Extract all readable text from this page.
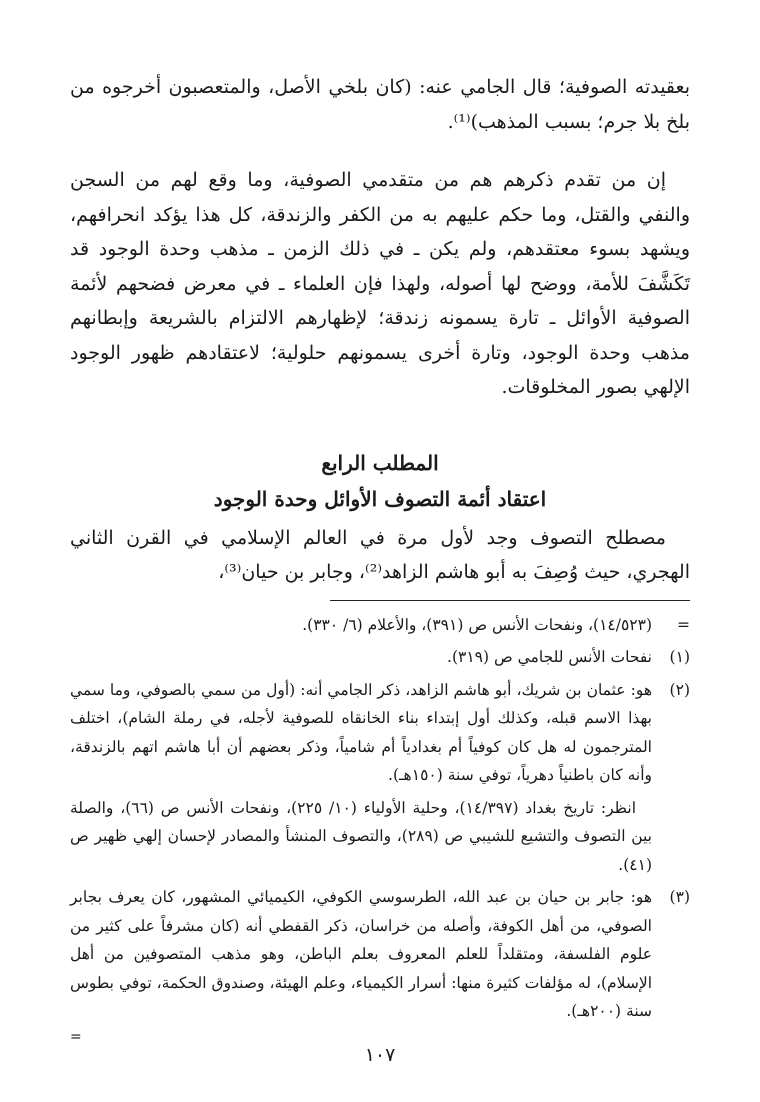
بعقيدته الصوفية؛ قال الجامي عنه: (كان بلخي الأصل، والمتعصبون أخرجوه من بلخ بلا جرم؛ بسبب المذهب)⁽¹⁾.

إن من تقدم ذكرهم هم من متقدمي الصوفية، وما وقع لهم من السجن والنفي والقتل، وما حكم عليهم به من الكفر والزندقة، كل هذا يؤكد انحرافهم، ويشهد بسوء معتقدهم، ولم يكن ـ في ذلك الزمن ـ مذهب وحدة الوجود قد تَكَشَّفَ للأمة، ووضح لها أصوله، ولهذا فإن العلماء ـ في معرض فضحهم لأئمة الصوفية الأوائل ـ تارة يسمونه زندقة؛ لإظهارهم الالتزام بالشريعة وإبطانهم مذهب وحدة الوجود، وتارة أخرى يسمونهم حلولية؛ لاعتقادهم ظهور الوجود الإلهي بصور المخلوقات.

المطلب الرابع
اعتقاد أئمة التصوف الأوائل وحدة الوجود

مصطلح التصوف وجد لأول مرة في العالم الإسلامي في القرن الثاني الهجري، حيث وُصِفَ به أبو هاشم الزاهد⁽²⁾، وجابر بن حيان⁽³⁾،

=
(١٤/٥٢٣)، ونفحات الأنس ص (٣٩١)، والأعلام (٦/ ٣٣٠).
(١)

نفحات الأنس للجامي ص (٣١٩).

(٢)

هو: عثمان بن شريك، أبو هاشم الزاهد، ذكر الجامي أنه: (أول من سمي بالصوفي، وما سمي بهذا الاسم قبله، وكذلك أول إبتداء بناء الخانقاه للصوفية لأجله، في رملة الشام)، اختلف المترجمون له هل كان كوفياً أم بغدادياً أم شامياً، وذكر بعضهم أن أبا هاشم اتهم بالزندقة، وأنه كان باطنياً دهرياً، توفي سنة (١٥٠هـ).

انظر: تاريخ بغداد (١٤/٣٩٧)، وحلية الأولياء (١٠/ ٢٢٥)، ونفحات الأنس ص (٦٦)، والصلة بين التصوف والتشيع للشيبي ص (٢٨٩)، والتصوف المنشأ والمصادر لإحسان إلهي ظهير ص (٤١).

(٣)

هو: جابر بن حيان بن عبد الله، الطرسوسي الكوفي، الكيميائي المشهور، كان يعرف بجابر الصوفي، من أهل الكوفة، وأصله من خراسان، ذكر القفطي أنه (كان مشرفاً على كثير من علوم الفلسفة، ومتقلداً للعلم المعروف بعلم الباطن، وهو مذهب المتصوفين من أهل الإسلام)، له مؤلفات كثيرة منها: أسرار الكيمياء، وعلم الهيئة، وصندوق الحكمة، توفي بطوس سنة (٢٠٠هـ).

=
١٠٧
